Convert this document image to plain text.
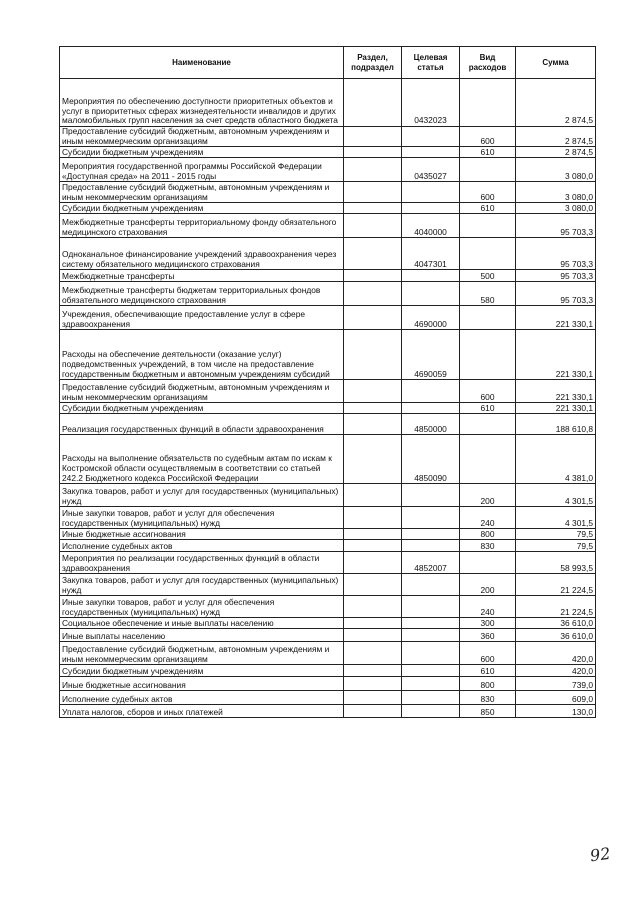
Наименование	Раздел, подраздел	Целевая статья	Вид расходов	Сумма
Мероприятия по обеспечению доступности приоритетных объектов и услуг в приоритетных сферах жизнедеятельности инвалидов и других маломобильных групп населения за счет средств областного бюджета		0432023		2 874,5
Предоставление субсидий бюджетным, автономным учреждениям и иным некоммерческим организациям			600	2 874,5
Субсидии бюджетным учреждениям			610	2 874,5
Мероприятия государственной программы Российской Федерации «Доступная среда» на 2011 - 2015 годы		0435027		3 080,0
Предоставление субсидий бюджетным, автономным учреждениям и иным некоммерческим организациям			600	3 080,0
Субсидии бюджетным учреждениям			610	3 080,0
Межбюджетные трансферты территориальному фонду обязательного медицинского страхования		4040000		95 703,3
Одноканальное финансирование учреждений здравоохранения через систему обязательного медицинского страхования		4047301		95 703,3
Межбюджетные трансферты			500	95 703,3
Межбюджетные трансферты бюджетам территориальных фондов обязательного медицинского страхования			580	95 703,3
Учреждения, обеспечивающие предоставление услуг в сфере здравоохранения		4690000		221 330,1
Расходы на обеспечение деятельности (оказание услуг) подведомственных учреждений, в том числе на предоставление государственным бюджетным и автономным учреждениям субсидий		4690059		221 330,1
Предоставление субсидий бюджетным, автономным учреждениям и иным некоммерческим организациям			600	221 330,1
Субсидии бюджетным учреждениям			610	221 330,1
Реализация государственных функций в области здравоохранения		4850000		188 610,8
Расходы на выполнение обязательств по судебным актам по искам к Костромской области осуществляемым в соответствии со статьей 242.2 Бюджетного кодекса Российской Федерации		4850090		4 381,0
Закупка товаров, работ и услуг для государственных (муниципальных) нужд			200	4 301,5
Иные закупки товаров, работ и услуг для обеспечения государственных (муниципальных) нужд			240	4 301,5
Иные бюджетные ассигнования			800	79,5
Исполнение судебных актов			830	79,5
Мероприятия по реализации государственных функций в области здравоохранения		4852007		58 993,5
Закупка товаров, работ и услуг для государственных (муниципальных) нужд			200	21 224,5
Иные закупки товаров, работ и услуг для обеспечения государственных (муниципальных) нужд			240	21 224,5
Социальное обеспечение и иные выплаты населению			300	36 610,0
Иные выплаты населению			360	36 610,0
Предоставление субсидий бюджетным, автономным учреждениям и иным некоммерческим организациям			600	420,0
Субсидии бюджетным учреждениям			610	420,0
Иные бюджетные ассигнования			800	739,0
Исполнение судебных актов			830	609,0
Уплата налогов, сборов и иных платежей			850	130,0
92
